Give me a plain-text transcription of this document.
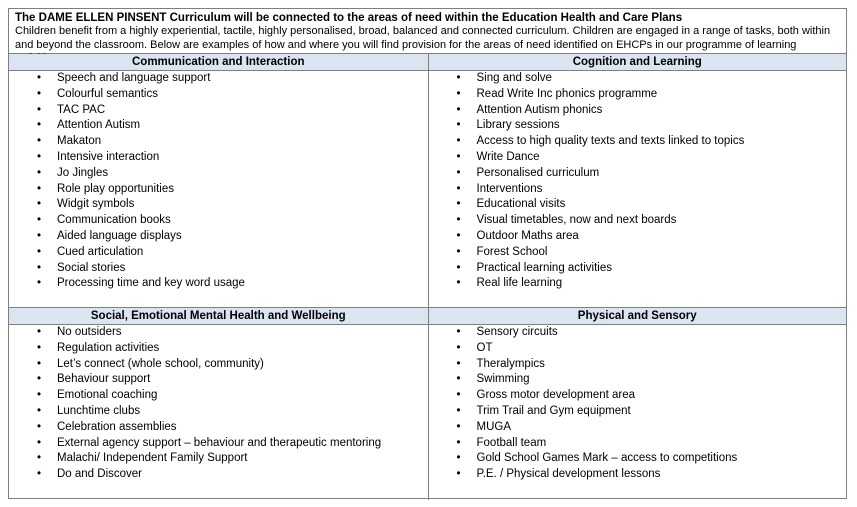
The DAME ELLEN PINSENT Curriculum will be connected to the areas of need within the Education Health and Care Plans
Children benefit from a highly experiential, tactile, highly personalised, broad, balanced and connected curriculum. Children are engaged in a range of tasks, both within and beyond the classroom. Below are examples of how and where you will find provision for the areas of need identified on EHCPs in our programme of learning
Communication and Interaction
• Speech and language support
• Colourful semantics
• TAC PAC
• Attention Autism
• Makaton
• Intensive interaction
• Jo Jingles
• Role play opportunities
• Widgit symbols
• Communication books
• Aided language displays
• Cued articulation
• Social stories
• Processing time and key word usage
Cognition and Learning
• Sing and solve
• Read Write Inc phonics programme
• Attention Autism phonics
• Library sessions
• Access to high quality texts and texts linked to topics
• Write Dance
• Personalised curriculum
• Interventions
• Educational visits
• Visual timetables, now and next boards
• Outdoor Maths area
• Forest School
• Practical learning activities
• Real life learning
Social, Emotional Mental Health and Wellbeing
• No outsiders
• Regulation activities
• Let’s connect (whole school, community)
• Behaviour support
• Emotional coaching
• Lunchtime clubs
• Celebration assemblies
• External agency support – behaviour and therapeutic mentoring
• Malachi/ Independent Family Support
• Do and Discover
Physical and Sensory
• Sensory circuits
• OT
• Theralympics
• Swimming
• Gross motor development area
• Trim Trail and Gym equipment
• MUGA
• Football team
• Gold School Games Mark – access to competitions
• P.E. / Physical development lessons
